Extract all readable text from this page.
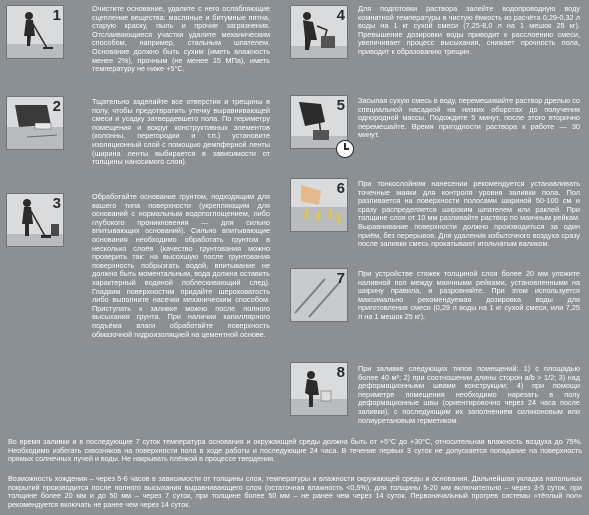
1	Очистите основание, удалите с него ослабляющие сцепление вещества: масляные и битумные пятна, старую краску, пыль и прочие загрязнения. Отслаивающиеся участки удалите механическим способом, например, стальным шпателем. Основание должно быть сухим (иметь влажность менее 2%), прочным (не менее 15 МПа), иметь температуру не ниже +5°С.

2	Тщательно заделайте все отверстия и трещины в полу, чтобы предотвратить утечку выравнивающей смеси и усадку затвердевшего пола. По периметру помещения и вокруг конструктивных элементов (колонны, перегородки и т.п.) установите изоляционный слой с помощью демпферной ленты (ширина ленты выбирается в зависимости от толщины наносимого слоя).

3	Обработайте основание грунтом, подходящим для вашего типа поверхности (укрепляющим для оснований с нормальным водопоглощением, либо глубокого проникновения — для сильно впитывающих оснований). Сильно впитывающие основания необходимо обработать грунтом в несколько слоёв (качество грунтования можно проверить так: на высохшую после грунтования поверхность побрызгать водой, впитывание не должно быть моментальным, вода должна оставить характерный водяной поблескивающий след). Гладким поверхностям придайте шероховатость либо выполните насечки механическим способом. Приступать к заливке можно после полного высыхания грунта. При наличии капиллярного подъёма влаги обработайте поверхность обмазочной гидроизоляцией на цементной основе.

4 Для подготовки раствора залейте водопроводную воду комнатной температуры в чистую ёмкость из расчёта 0,29-0,32 л воды на 1 кг сухой смеси (7,25-8,0 л на 1 мешок 25 кг). Превышение дозировки воды приводит к расслоению смеси, увеличивает процесс высыхания, снижает прочность пола, приводит к образованию трещин.

5 Засыпая сухую смесь в воду, перемешивайте раствор дрелью со специальной насадкой на низких оборотах до получения однородной массы. Подождите 5 минут, после этого вторично перемешайте. Время пригодности раствора к работе — 30 минут.

6 При тонкослойном нанесении рекомендуется устанавливать точечные маяки для контроля уровня заливки пола. Пол разливается на поверхности полосами шириной 50-100 см и сразу распределяется широким шпателем или раклей. При толщине слоя от 10 мм разливайте раствор по маячным рейкам. Выравнивание поверхности должно производиться за один приём, без перерывов. Для удаления избыточного воздуха сразу после заливки смесь прокатывают игольчатым валиком.

7 При устройстве стяжек толщиной слоя более 20 мм уложите наливной пол между маячными рейками, установленными на ширину правила, и разровняйте. При этом используется максимально рекомендуемая дозировка воды для приготовления смеси (0,29 л воды на 1 кг сухой смеси, или 7,25 л на 1 мешок 25 кг).

8 При заливке следующих типов помещений: 1) с площадью более 40 м²; 2) при соотношении длины сторон a/b > 1/2; 3) над деформационными швами конструкции; 4) при помощи периметре помещения необходимо нарезать в полу деформационные швы (ориентировочно через 24 часа после заливки), с последующим их заполнением силиконовым или полиуретановым герметиком.

Во время заливки и в последующие 7 суток температура основания и окружающей среды должна быть от +5°С до +30°С, относительная влажность воздуха до 75%. Необходимо избегать сквозняков на поверхности пола в ходе работы и последующие 24 часа. В течение первых 3 суток не допускается попадание на поверхность прямых солнечных лучей и воды. Не накрывать плёнкой в процессе твердения.

Возможность хождения – через 5-6 часов в зависимости от толщины слоя, температуры и влажности окружающей среды и основания. Дальнейшая укладка напольных покрытий производится после полного высыхания выравнивающего слоя (остаточная влажность <0,5%), для толщины 5-20 мм включительно – через 3-5 суток, при толщине более 20 мм и до 50 мм – через 7 суток, при толщине более 50 мм – не ранее чем через 14 суток. Первоначальный прогрев системы «тёплый пол» рекомендуется включать не ранее чем через 14 суток.
